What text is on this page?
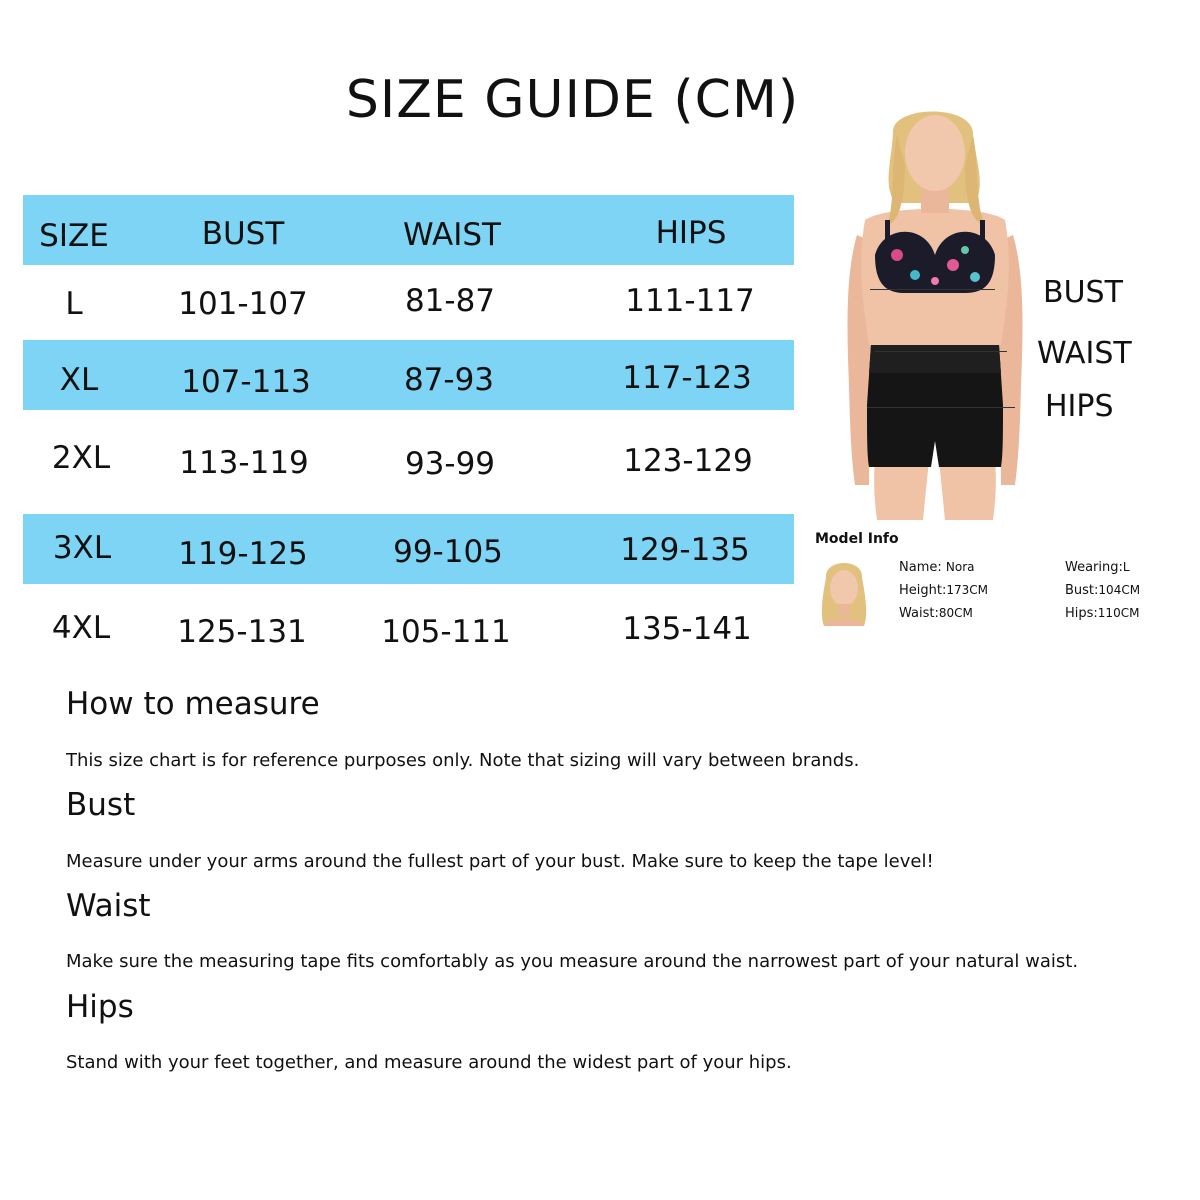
SIZE GUIDE (CM)
SIZE	BUST	WAIST	HIPS
L	101-107	81-87	111-117
XL	107-113	87-93	117-123
2XL 113-119	93-99	123-129
3XL 119-125	99-105	129-135
4XL 125-131 105-111	135-141
BUST
WAIST
HIPS
Model Info
Name: Nora
Height:173CM
Waist:80CM
Wearing:L
Bust:104CM
Hips:110CM
How to measure
This size chart is for reference purposes only. Note that sizing will vary between brands.
Bust
Measure under your arms around the fullest part of your bust. Make sure to keep the tape level!
Waist
Make sure the measuring tape fits comfortably as you measure around the narrowest part of your natural waist.
Hips
Stand with your feet together, and measure around the widest part of your hips.
